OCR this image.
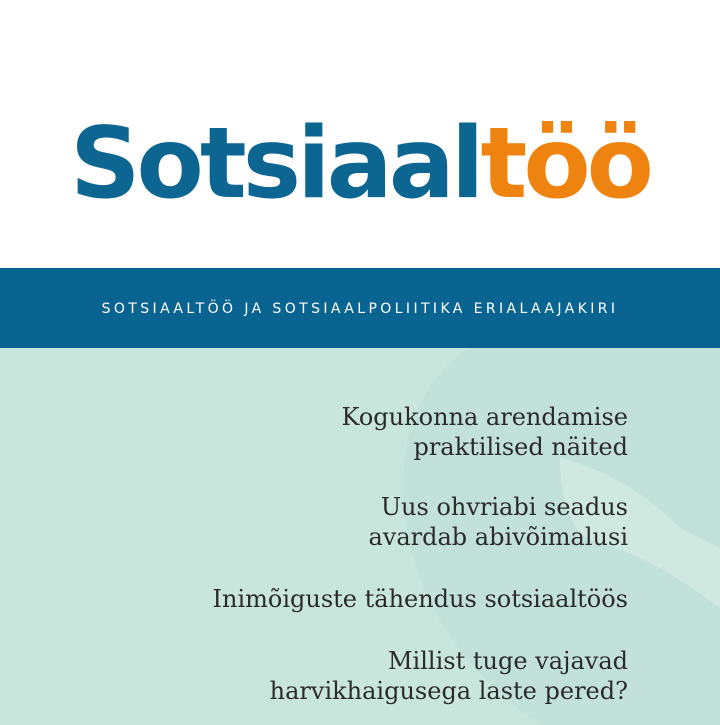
Sotsiaaltöö
SOTSIAALTÖÖ JA SOTSIAALPOLIITIKA ERIALAAJAKIRI
Kogukonna arendamise
praktilised näited
Uus ohvriabi seadus
avardab abivõimalusi
Inimõiguste tähendus sotsiaaltöös
Millist tuge vajavad
harvikhaigusega laste pered?
